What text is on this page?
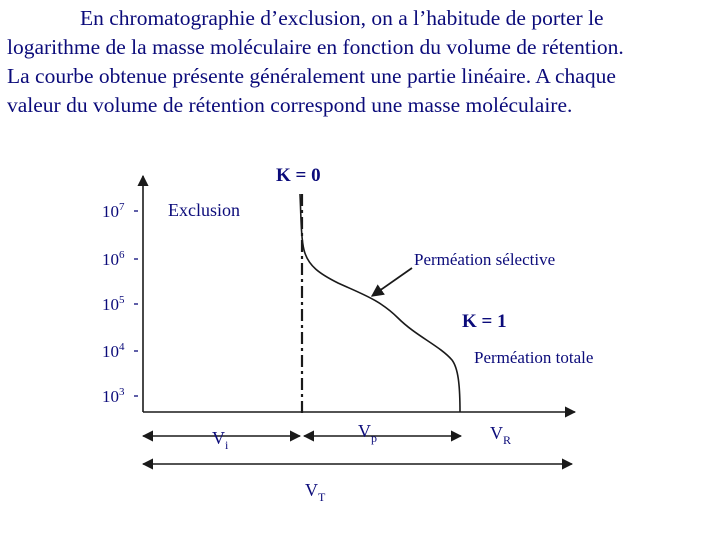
En chromatographie d’exclusion, on a l’habitude de porter le
logarithme de la masse moléculaire en fonction du volume de rétention.
La courbe obtenue présente généralement une partie linéaire. A chaque
valeur du volume de rétention correspond une masse moléculaire.
$10^7$
$10^6$
$10^5$
$10^4$
$10^3$
K = 0
Exclusion
Perméation sélective
K = 1
Perméation totale
$V_i$
$V_p$	$V_R$
$V_T$
